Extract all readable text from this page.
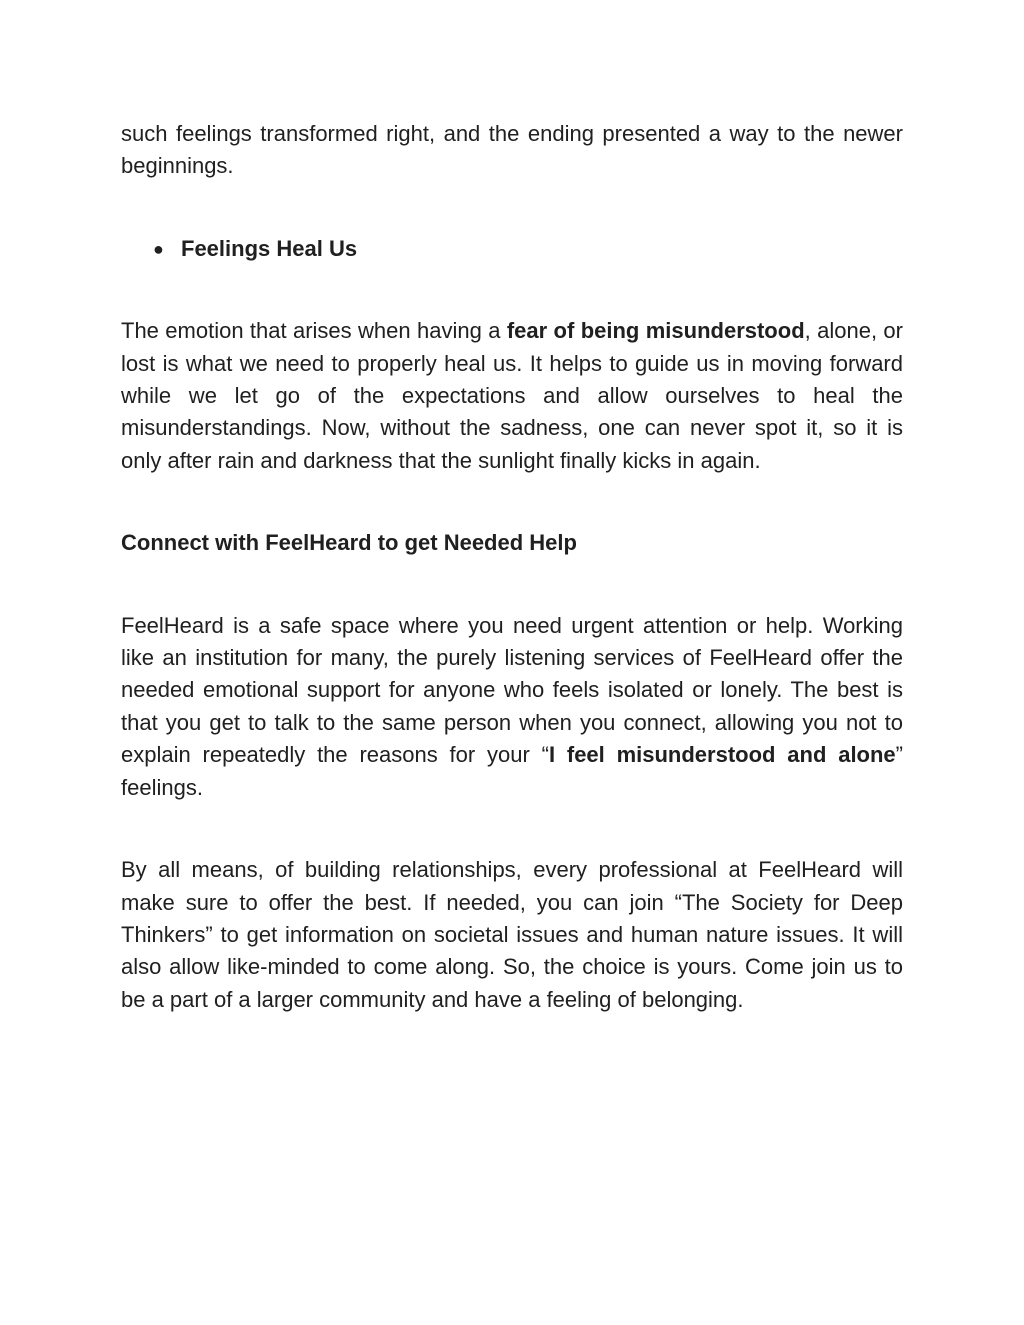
such feelings transformed right, and the ending presented a way to the newer beginnings.

● Feelings Heal Us

The emotion that arises when having a fear of being misunderstood, alone, or lost is what we need to properly heal us. It helps to guide us in moving forward while we let go of the expectations and allow ourselves to heal the misunderstandings. Now, without the sadness, one can never spot it, so it is only after rain and darkness that the sunlight finally kicks in again.

Connect with FeelHeard to get Needed Help

FeelHeard is a safe space where you need urgent attention or help. Working like an institution for many, the purely listening services of FeelHeard offer the needed emotional support for anyone who feels isolated or lonely. The best is that you get to talk to the same person when you connect, allowing you not to explain repeatedly the reasons for your “I feel misunderstood and alone” feelings.

By all means, of building relationships, every professional at FeelHeard will make sure to offer the best. If needed, you can join “The Society for Deep Thinkers” to get information on societal issues and human nature issues. It will also allow like-minded to come along. So, the choice is yours. Come join us to be a part of a larger community and have a feeling of belonging.
